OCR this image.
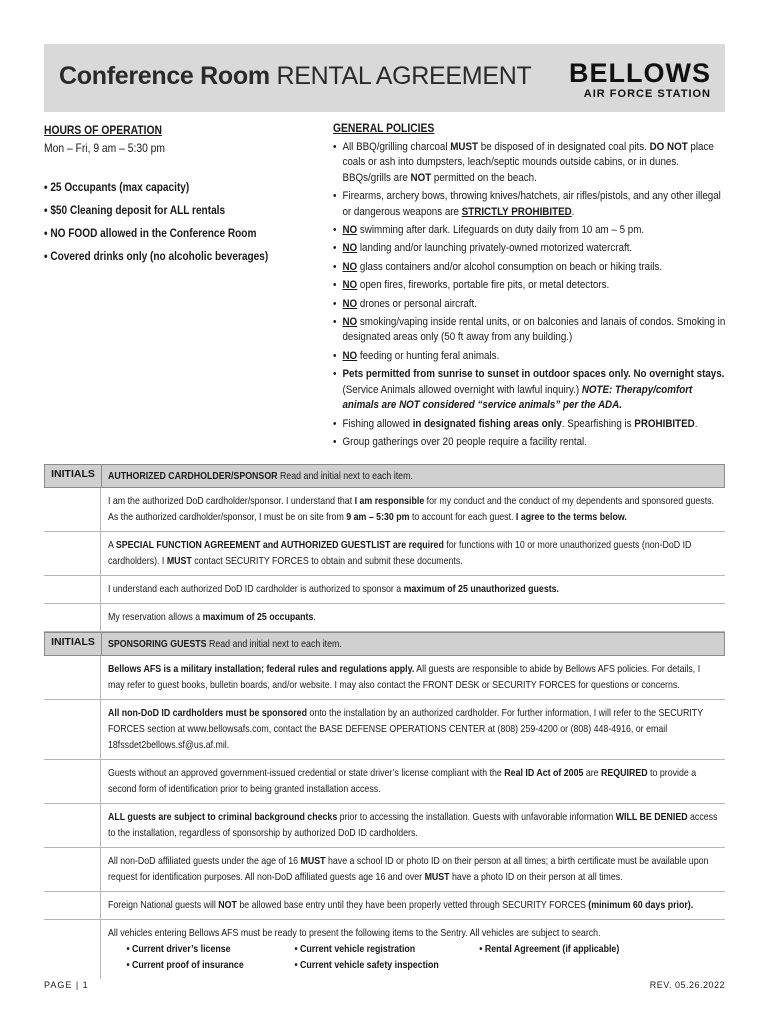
Conference Room RENTAL AGREEMENT BELLOWS
AIR FORCE STATION
HOURS OF OPERATION
Mon – Fri, 9 am – 5:30 pm
• 25 Occupants (max capacity)
• $50 Cleaning deposit for ALL rentals
• NO FOOD allowed in the Conference Room
• Covered drinks only (no alcoholic beverages)
GENERAL POLICIES
• All BBQ/grilling charcoal MUST be disposed of in designated coal pits. DO NOT place coals or ash into dumpsters, leach/septic mounds outside cabins, or in dunes. BBQs/grills are NOT permitted on the beach.
• Firearms, archery bows, throwing knives/hatchets, air rifles/pistols, and any other illegal or dangerous weapons are STRICTLY PROHIBITED.
• NO swimming after dark. Lifeguards on duty daily from 10 am – 5 pm.
• NO landing and/or launching privately-owned motorized watercraft.
• NO glass containers and/or alcohol consumption on beach or hiking trails.
• NO open fires, fireworks, portable fire pits, or metal detectors.
• NO drones or personal aircraft.
• NO smoking/vaping inside rental units, or on balconies and lanais of condos. Smoking in designated areas only (50 ft away from any building.)
• NO feeding or hunting feral animals.
• Pets permitted from sunrise to sunset in outdoor spaces only. No overnight stays. (Service Animals allowed overnight with lawful inquiry.) NOTE: Therapy/comfort animals are NOT considered “service animals” per the ADA.
• Fishing allowed in designated fishing areas only. Spearfishing is PROHIBITED.
• Group gatherings over 20 people require a facility rental.
INITIALS	AUTHORIZED CARDHOLDER/SPONSOR Read and initial next to each item.
I am the authorized DoD cardholder/sponsor. I understand that I am responsible for my conduct and the conduct of my dependents and sponsored guests. As the authorized cardholder/sponsor, I must be on site from 9 am – 5:30 pm to account for each guest. I agree to the terms below.
A SPECIAL FUNCTION AGREEMENT and AUTHORIZED GUESTLIST are required for functions with 10 or more unauthorized guests (non-DoD ID cardholders). I MUST contact SECURITY FORCES to obtain and submit these documents.
I understand each authorized DoD ID cardholder is authorized to sponsor a maximum of 25 unauthorized guests.
My reservation allows a maximum of 25 occupants.
INITIALS	SPONSORING GUESTS Read and initial next to each item.
Bellows AFS is a military installation; federal rules and regulations apply. All guests are responsible to abide by Bellows AFS policies. For details, I may refer to guest books, bulletin boards, and/or website. I may also contact the FRONT DESK or SECURITY FORCES for questions or concerns.
All non-DoD ID cardholders must be sponsored onto the installation by an authorized cardholder. For further information, I will refer to the SECURITY FORCES section at www.bellowsafs.com, contact the BASE DEFENSE OPERATIONS CENTER at (808) 259-4200 or (808) 448-4916, or email 18fssdet2bellows.sf@us.af.mil.
Guests without an approved government-issued credential or state driver’s license compliant with the Real ID Act of 2005 are REQUIRED to provide a second form of identification prior to being granted installation access.
ALL guests are subject to criminal background checks prior to accessing the installation. Guests with unfavorable information WILL BE DENIED access to the installation, regardless of sponsorship by authorized DoD ID cardholders.
All non-DoD affiliated guests under the age of 16 MUST have a school ID or photo ID on their person at all times; a birth certificate must be available upon request for identification purposes. All non-DoD affiliated guests age 16 and over MUST have a photo ID on their person at all times.
Foreign National guests will NOT be allowed base entry until they have been properly vetted through SECURITY FORCES (minimum 60 days prior).
All vehicles entering Bellows AFS must be ready to present the following items to the Sentry. All vehicles are subject to search.
• Current driver’s license	• Current vehicle registration	• Rental Agreement (if applicable)
• Current proof of insurance	• Current vehicle safety inspection
PAGE | 1	REV. 05.26.2022
